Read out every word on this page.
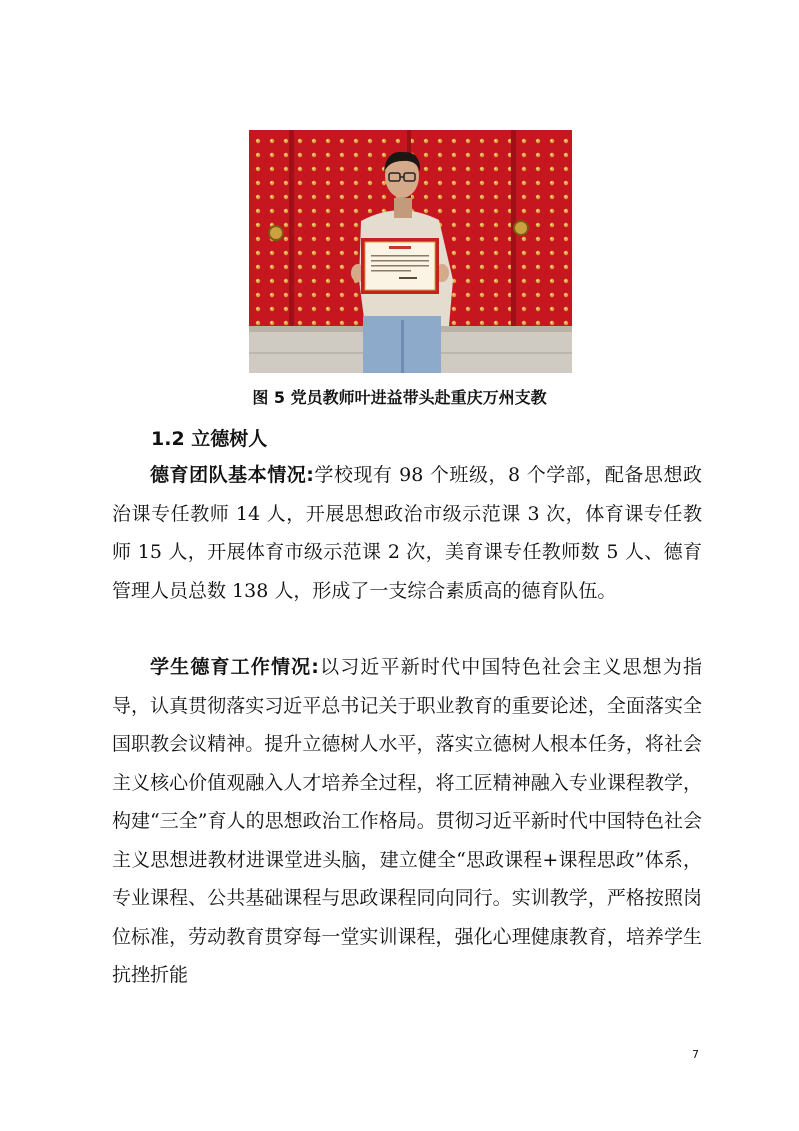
图 5 党员教师叶进益带头赴重庆万州支教
1.2 立德树人
德育团队基本情况:学校现有 98 个班级，8 个学部，配备思想政治课专任教师 14 人，开展思想政治市级示范课 3 次，体育课专任教师 15 人，开展体育市级示范课 2 次，美育课专任教师数 5 人、德育管理人员总数 138 人，形成了一支综合素质高的德育队伍。
学生德育工作情况:以习近平新时代中国特色社会主义思想为指导，认真贯彻落实习近平总书记关于职业教育的重要论述，全面落实全国职教会议精神。提升立德树人水平，落实立德树人根本任务，将社会主义核心价值观融入人才培养全过程，将工匠精神融入专业课程教学，构建“三全”育人的思想政治工作格局。贯彻习近平新时代中国特色社会主义思想进教材进课堂进头脑，建立健全“思政课程+课程思政”体系，专业课程、公共基础课程与思政课程同向同行。实训教学，严格按照岗位标准，劳动教育贯穿每一堂实训课程，强化心理健康教育，培养学生抗挫折能
7
